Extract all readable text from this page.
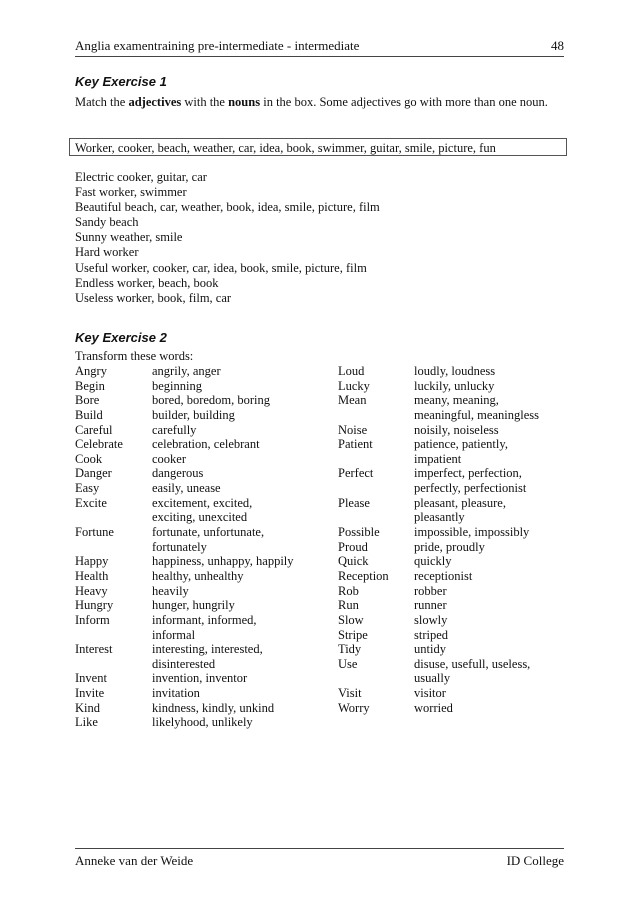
Anglia examentraining pre-intermediate - intermediate	48
Key Exercise 1
Match the adjectives with the nouns in the box. Some adjectives go with more than one noun.
Worker, cooker, beach, weather, car, idea, book, swimmer, guitar, smile, picture, fun
Electric cooker, guitar, car
Fast worker, swimmer
Beautiful beach, car, weather, book, idea, smile, picture, film
Sandy beach
Sunny weather, smile
Hard worker
Useful worker, cooker, car, idea, book, smile, picture, film
Endless worker, beach, book
Useless worker, book, film, car
Key Exercise 2
Transform these words:
Angry	angrily, anger
Begin	beginning
Bore	bored, boredom, boring
Build	builder, building
Careful	carefully
Celebrate celebration, celebrant
Cook	cooker
Danger	dangerous
Easy	easily, unease
Excite	excitement, excited,
exciting, unexcited
Fortune	fortunate, unfortunate,
fortunately
Happy	happiness, unhappy, happily
Health	healthy, unhealthy
Heavy	heavily
Hungry	hunger, hungrily
Inform	informant, informed,
informal
Interest	interesting, interested,
disinterested
Invent	invention, inventor
Invite	invitation
Kind	kindness, kindly, unkind
Like	likelyhood, unlikely
Loud	loudly, loudness
Lucky	luckily, unlucky
Mean	meany, meaning,
meaningful, meaningless
Noise	noisily, noiseless
Patient	patience, patiently,
impatient
Perfect	imperfect, perfection,
perfectly, perfectionist
Please	pleasant, pleasure,
pleasantly
Possible	impossible, impossibly
Proud	pride, proudly
Quick	quickly
Reception receptionist
Rob	robber
Run	runner
Slow	slowly
Stripe	striped
Tidy	untidy
Use	disuse, usefull, useless,
usually
Visit	visitor
Worry	worried
Anneke van der Weide	ID College
